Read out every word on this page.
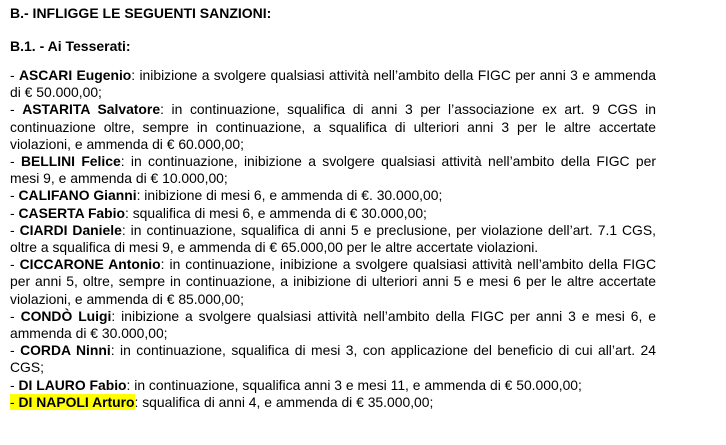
B.- INFLIGGE LE SEGUENTI SANZIONI:
B.1. - Ai Tesserati:
- ASCARI Eugenio: inibizione a svolgere qualsiasi attività nell’ambito della FIGC per anni 3 e ammenda di € 50.000,00;
- ASTARITA Salvatore: in continuazione, squalifica di anni 3 per l’associazione ex art. 9 CGS in continuazione oltre, sempre in continuazione, a squalifica di ulteriori anni 3 per le altre accertate violazioni, e ammenda di € 60.000,00;
- BELLINI Felice: in continuazione, inibizione a svolgere qualsiasi attività nell’ambito della FIGC per mesi 9, e ammenda di € 10.000,00;
- CALIFANO Gianni: inibizione di mesi 6, e ammenda di €. 30.000,00;
- CASERTA Fabio: squalifica di mesi 6, e ammenda di € 30.000,00;
- CIARDI Daniele: in continuazione, squalifica di anni 5 e preclusione, per violazione dell’art. 7.1 CGS, oltre a squalifica di mesi 9, e ammenda di € 65.000,00 per le altre accertate violazioni.
- CICCARONE Antonio: in continuazione, inibizione a svolgere qualsiasi attività nell’ambito della FIGC per anni 5, oltre, sempre in continuazione, a inibizione di ulteriori anni 5 e mesi 6 per le altre accertate violazioni, e ammenda di € 85.000,00;
- CONDÒ Luigi: inibizione a svolgere qualsiasi attività nell’ambito della FIGC per anni 3 e mesi 6, e ammenda di € 30.000,00;
- CORDA Ninni: in continuazione, squalifica di mesi 3, con applicazione del beneficio di cui all’art. 24 CGS;
- DI LAURO Fabio: in continuazione, squalifica anni 3 e mesi 11, e ammenda di € 50.000,00;
- DI NAPOLI Arturo: squalifica di anni 4, e ammenda di € 35.000,00;
